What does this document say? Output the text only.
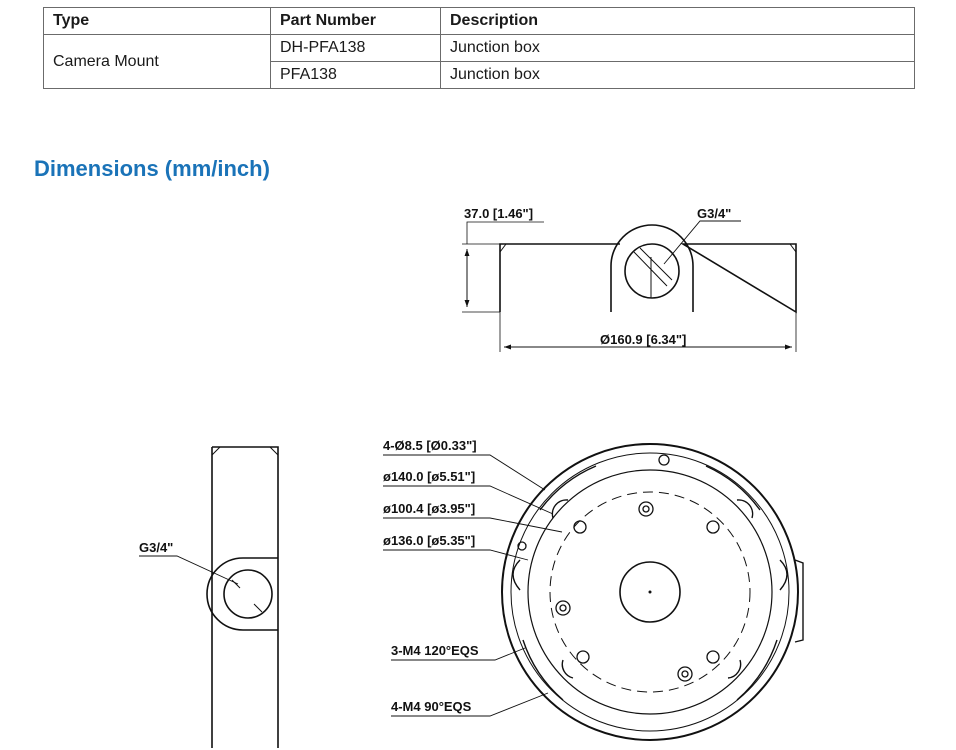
Type	Part Number	Description
Camera Mount	DH-PFA138	Junction box
	PFA138	Junction box
Dimensions (mm/inch)
37.0 [1.46"]	G3/4"
Ø160.9 [6.34"]
G3/4"
4-Ø8.5 [Ø0.33"]
ø140.0 [ø5.51"]
ø100.4 [ø3.95"]
ø136.0 [ø5.35"]
3-M4 120°EQS
4-M4 90°EQS
